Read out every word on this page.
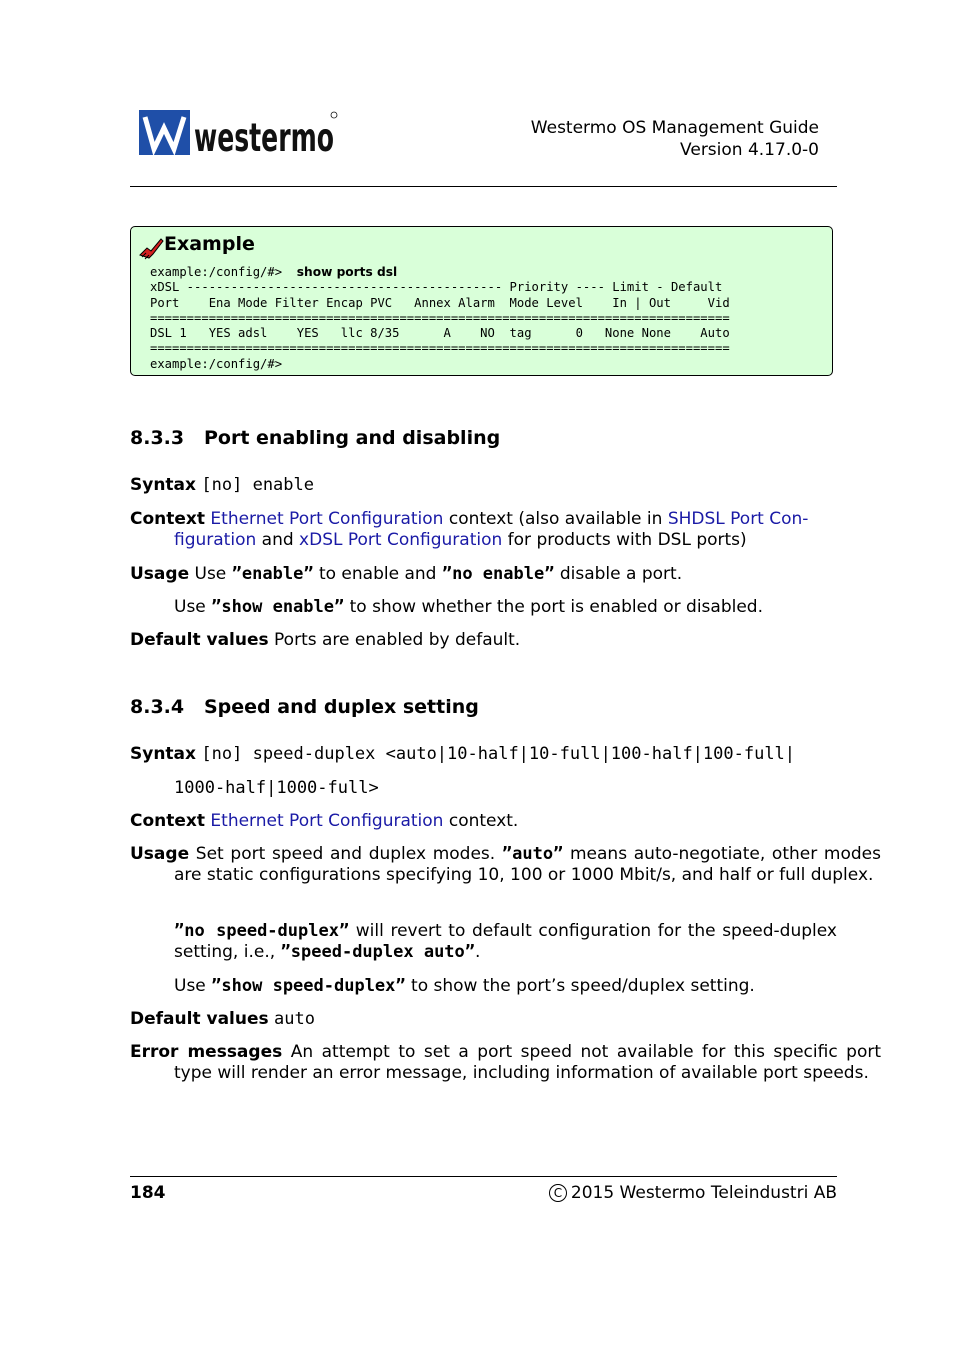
westermo	Westermo OS Management Guide
Version 4.17.0-0
Example
example:/config/#> show ports dsl
xDSL ------------------------------------------- Priority ---- Limit - Default
Port    Ena Mode Filter Encap PVC   Annex Alarm  Mode Level    In | Out     Vid
===============================================================================
DSL 1   YES adsl    YES   llc 8/35      A    NO  tag      0   None None    Auto
===============================================================================
example:/config/#>
8.3.3 Port enabling and disabling
Syntax [no] enable
Context Ethernet Port Configuration context (also available in SHDSL Port Con-
figuration and xDSL Port Configuration for products with DSL ports)
Usage Use ”enable” to enable and ”no enable” disable a port.
Use ”show enable” to show whether the port is enabled or disabled.
Default values Ports are enabled by default.
8.3.4 Speed and duplex setting
Syntax [no] speed-duplex <auto|10-half|10-full|100-half|100-full|
1000-half|1000-full>
Context Ethernet Port Configuration context.
Usage Set port speed and duplex modes. ”auto” means auto-negotiate, other modes are static configurations specifying 10, 100 or 1000 Mbit/s, and half or full duplex.
”no speed-duplex” will revert to default configuration for the speed-duplex setting, i.e., ”speed-duplex auto”.
Use ”show speed-duplex” to show the port’s speed/duplex setting.
Default values auto
Error messages An attempt to set a port speed not available for this specific port type will render an error message, including information of available port speeds.
184	C 2015 Westermo Teleindustri AB
